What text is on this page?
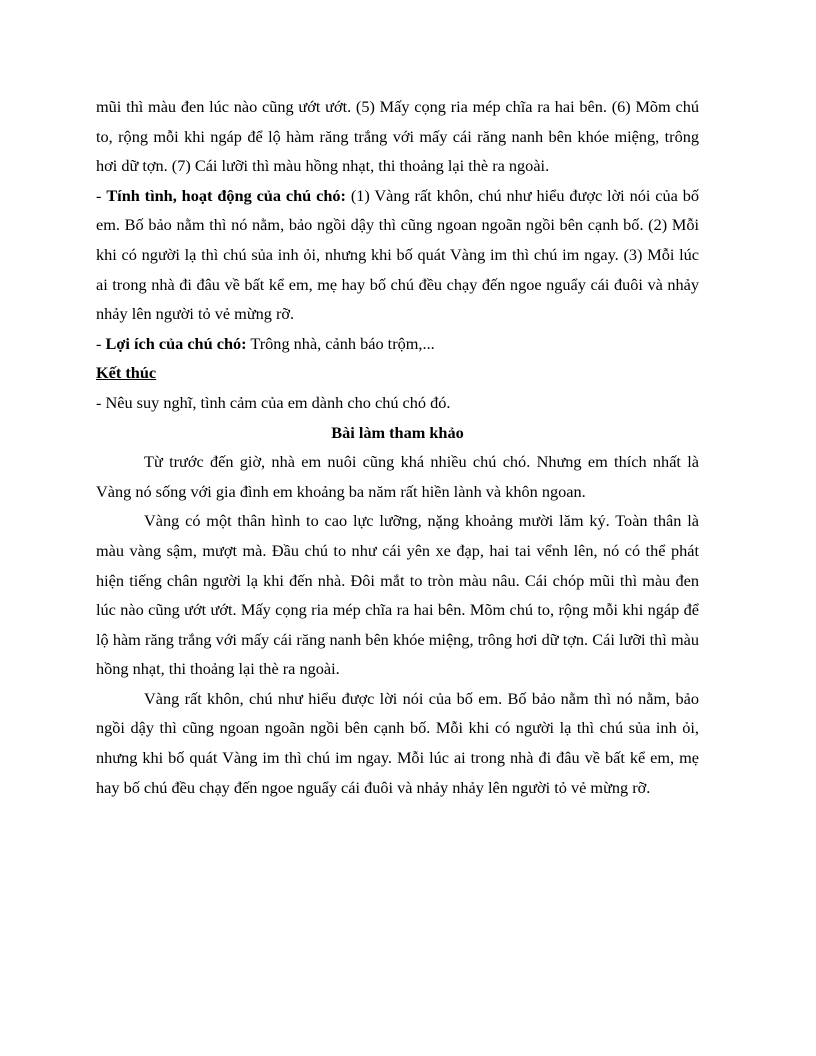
mũi thì màu đen lúc nào cũng ướt ướt. (5) Mấy cọng ria mép chĩa ra hai bên. (6) Mõm chú to, rộng mỗi khi ngáp để lộ hàm răng trắng với mấy cái răng nanh bên khóe miệng, trông hơi dữ tợn. (7) Cái lưỡi thì màu hồng nhạt, thi thoảng lại thè ra ngoài.

- Tính tình, hoạt động của chú chó: (1) Vàng rất khôn, chú như hiểu được lời nói của bố em. Bố bảo nằm thì nó nằm, bảo ngồi dậy thì cũng ngoan ngoãn ngồi bên cạnh bố. (2) Mỗi khi có người lạ thì chú sủa inh ỏi, nhưng khi bố quát Vàng im thì chú im ngay. (3) Mỗi lúc ai trong nhà đi đâu về bất kể em, mẹ hay bố chú đều chạy đến ngoe nguẩy cái đuôi và nhảy nhảy lên người tỏ vẻ mừng rỡ.

- Lợi ích của chú chó: Trông nhà, cảnh báo trộm,...

Kết thúc

- Nêu suy nghĩ, tình cảm của em dành cho chú chó đó.

Bài làm tham khảo

Từ trước đến giờ, nhà em nuôi cũng khá nhiều chú chó. Nhưng em thích nhất là Vàng nó sống với gia đình em khoảng ba năm rất hiền lành và khôn ngoan.

Vàng có một thân hình to cao lực lưỡng, nặng khoảng mười lăm ký. Toàn thân là màu vàng sậm, mượt mà. Đầu chú to như cái yên xe đạp, hai tai vểnh lên, nó có thể phát hiện tiếng chân người lạ khi đến nhà. Đôi mắt to tròn màu nâu. Cái chóp mũi thì màu đen lúc nào cũng ướt ướt. Mấy cọng ria mép chĩa ra hai bên. Mõm chú to, rộng mỗi khi ngáp để lộ hàm răng trắng với mấy cái răng nanh bên khóe miệng, trông hơi dữ tợn. Cái lưỡi thì màu hồng nhạt, thi thoảng lại thè ra ngoài.

Vàng rất khôn, chú như hiểu được lời nói của bố em. Bố bảo nằm thì nó nằm, bảo ngồi dậy thì cũng ngoan ngoãn ngồi bên cạnh bố. Mỗi khi có người lạ thì chú sủa inh ỏi, nhưng khi bố quát Vàng im thì chú im ngay. Mỗi lúc ai trong nhà đi đâu về bất kể em, mẹ hay bố chú đều chạy đến ngoe nguẩy cái đuôi và nhảy nhảy lên người tỏ vẻ mừng rỡ.
